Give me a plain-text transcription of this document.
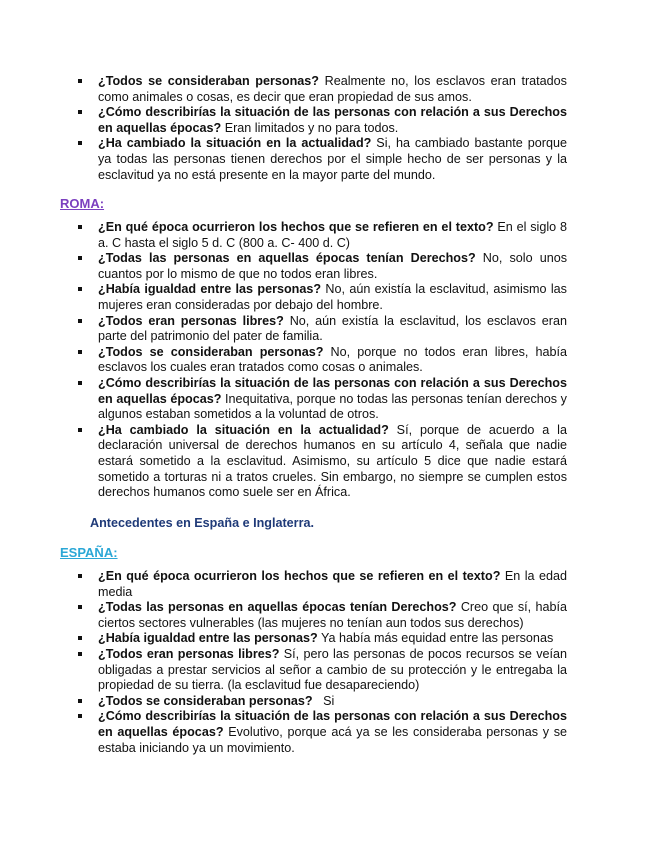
¿Todos se consideraban personas? Realmente no, los esclavos eran tratados como animales o cosas, es decir que eran propiedad de sus amos.
¿Cómo describirías la situación de las personas con relación a sus Derechos en aquellas épocas? Eran limitados y no para todos.
¿Ha cambiado la situación en la actualidad? Si, ha cambiado bastante porque ya todas las personas tienen derechos por el simple hecho de ser personas y la esclavitud ya no está presente en la mayor parte del mundo.
ROMA:
¿En qué época ocurrieron los hechos que se refieren en el texto? En el siglo 8 a. C hasta el siglo 5 d. C (800 a. C- 400 d. C)
¿Todas las personas en aquellas épocas tenían Derechos? No, solo unos cuantos por lo mismo de que no todos eran libres.
¿Había igualdad entre las personas? No, aún existía la esclavitud, asimismo las mujeres eran consideradas por debajo del hombre.
¿Todos eran personas libres? No, aún existía la esclavitud, los esclavos eran parte del patrimonio del pater de familia.
¿Todos se consideraban personas? No, porque no todos eran libres, había esclavos los cuales eran tratados como cosas o animales.
¿Cómo describirías la situación de las personas con relación a sus Derechos en aquellas épocas? Inequitativa, porque no todas las personas tenían derechos y algunos estaban sometidos a la voluntad de otros.
¿Ha cambiado la situación en la actualidad? Sí, porque de acuerdo a la declaración universal de derechos humanos en su artículo 4, señala que nadie estará sometido a la esclavitud. Asimismo, su artículo 5 dice que nadie estará sometido a torturas ni a tratos crueles. Sin embargo, no siempre se cumplen estos derechos humanos como suele ser en África.
Antecedentes en España e Inglaterra.
ESPAÑA:
¿En qué época ocurrieron los hechos que se refieren en el texto? En la edad media
¿Todas las personas en aquellas épocas tenían Derechos? Creo que sí, había ciertos sectores vulnerables (las mujeres no tenían aun todos sus derechos)
¿Había igualdad entre las personas? Ya había más equidad entre las personas
¿Todos eran personas libres? Sí, pero las personas de pocos recursos se veían obligadas a prestar servicios al señor a cambio de su protección y le entregaba la propiedad de su tierra. (la esclavitud fue desapareciendo)
¿Todos se consideraban personas?   Si
¿Cómo describirías la situación de las personas con relación a sus Derechos en aquellas épocas? Evolutivo, porque acá ya se les consideraba personas y se estaba iniciando ya un movimiento.
